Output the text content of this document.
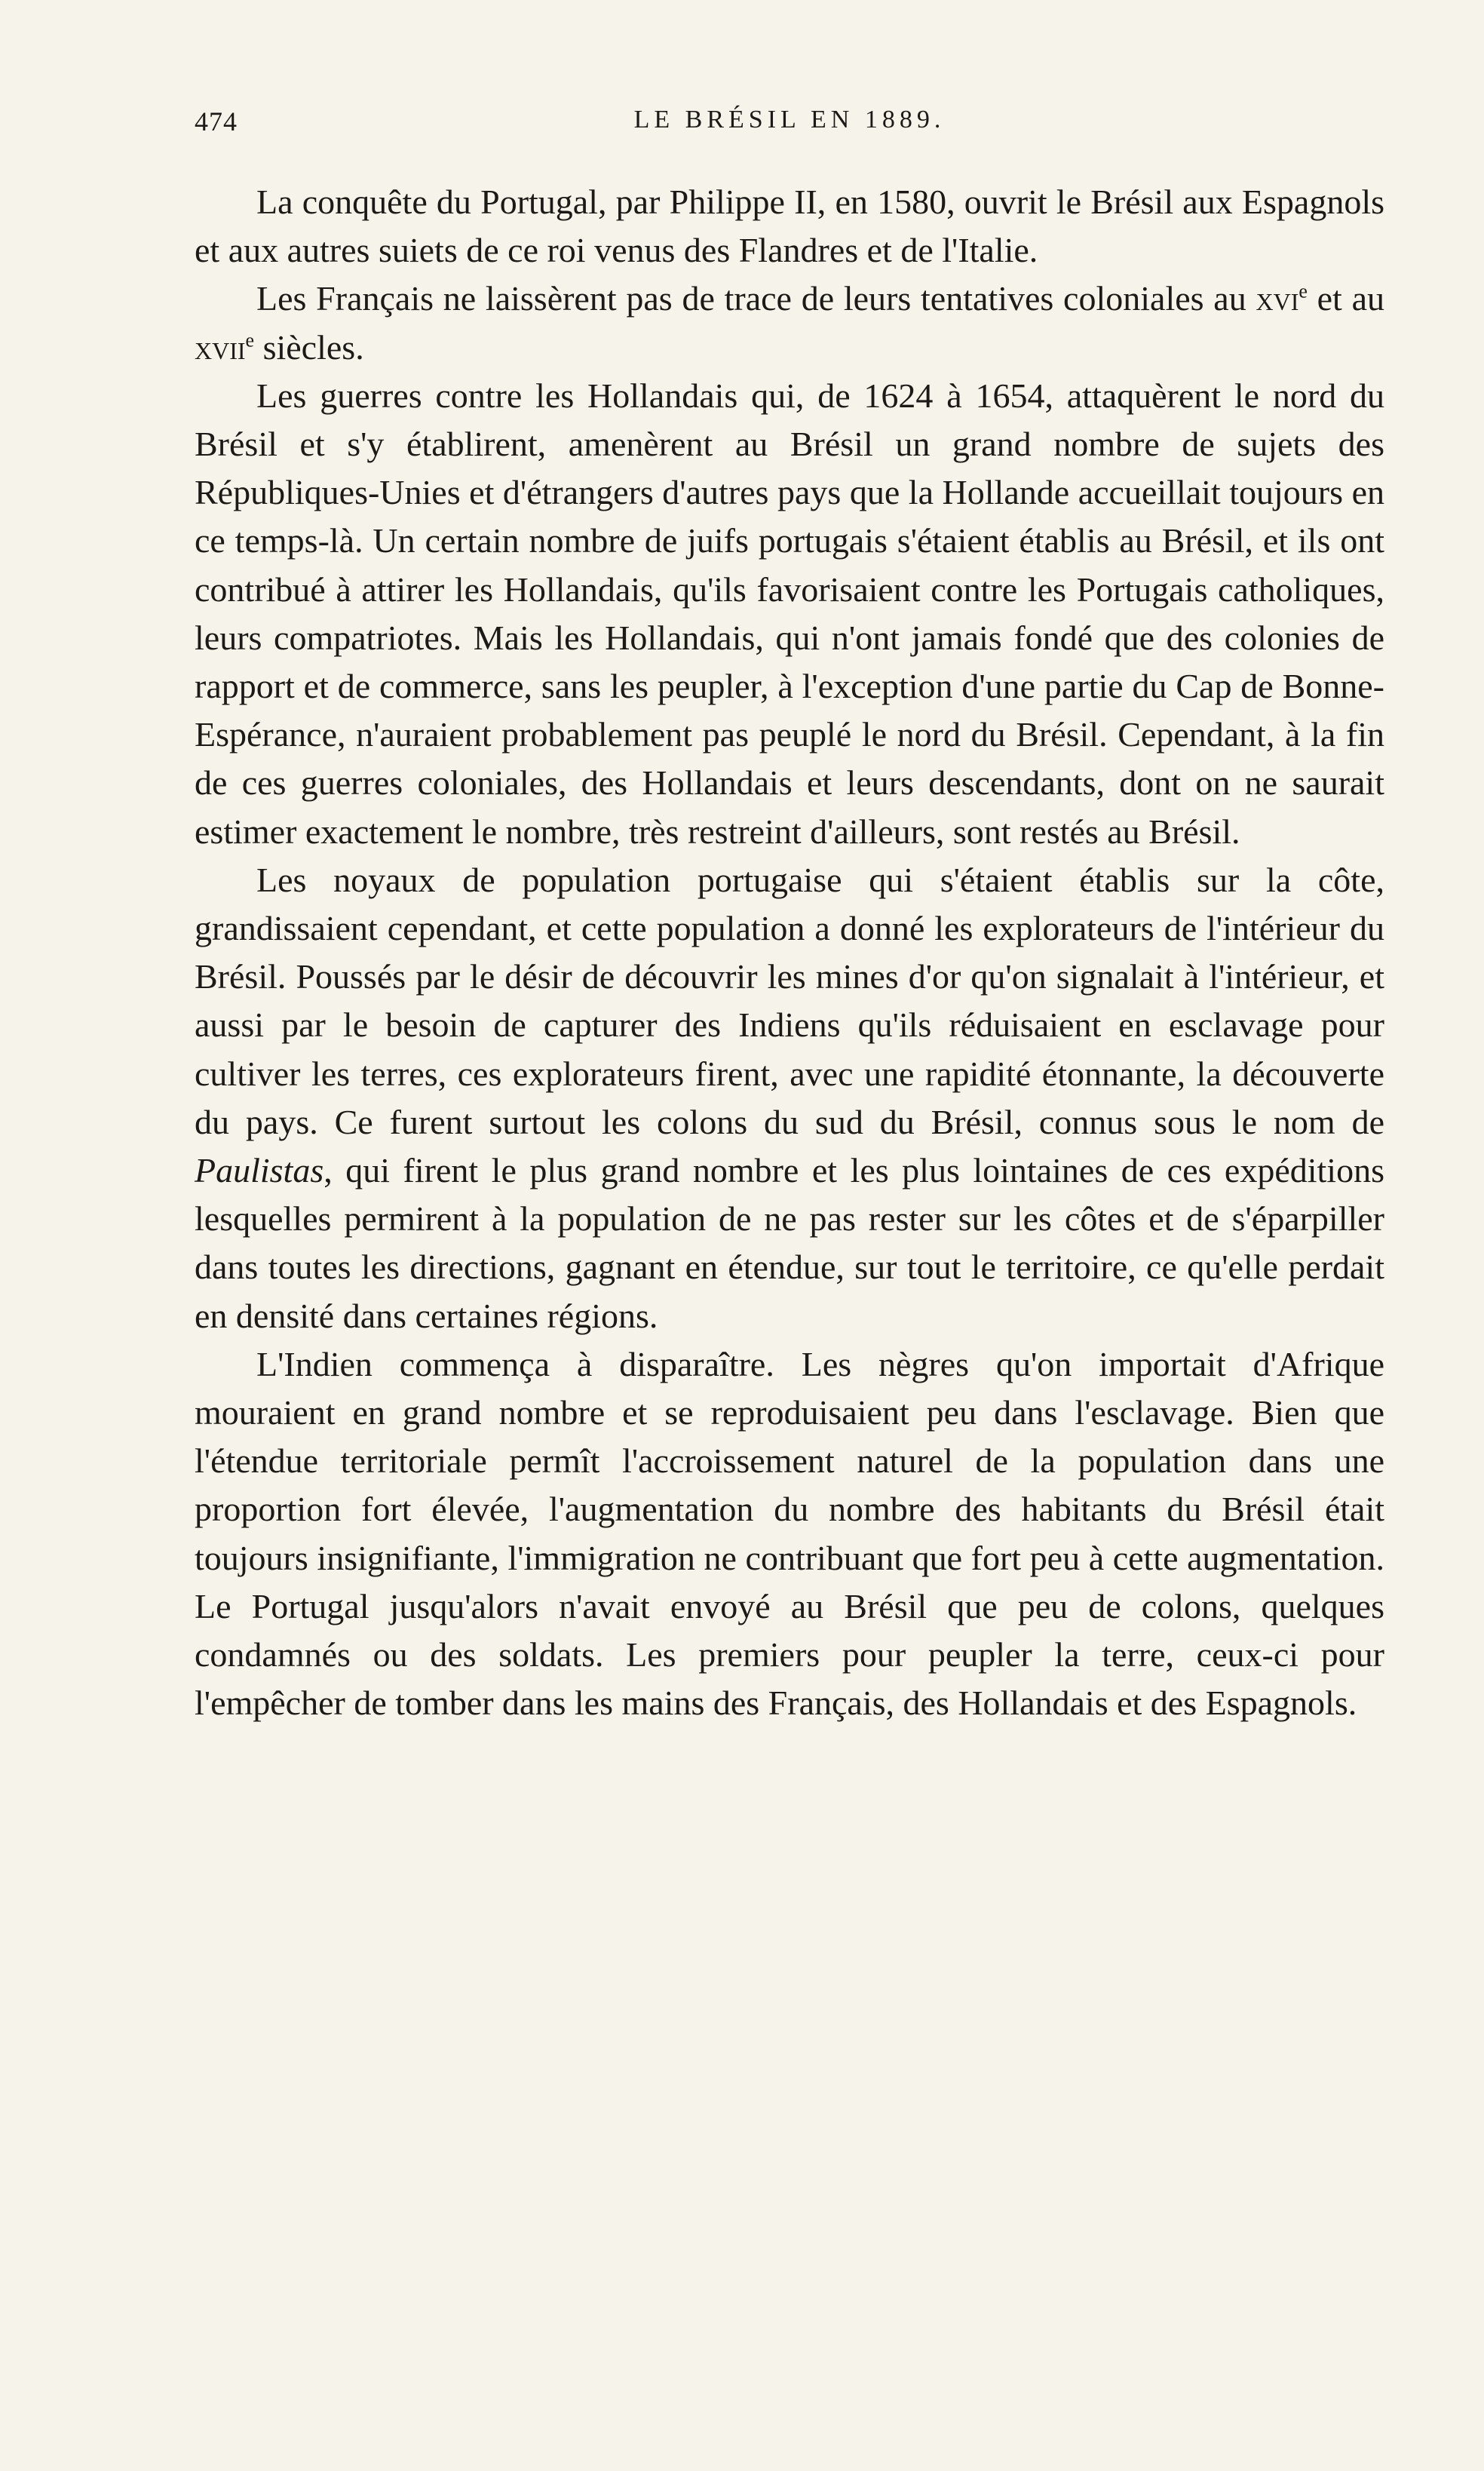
474	LE BRÉSIL EN 1889.

La conquête du Portugal, par Philippe II, en 1580, ouvrit le Brésil aux Espagnols et aux autres suiets de ce roi venus des Flandres et de l'Italie.

Les Français ne laissèrent pas de trace de leurs tentatives coloniales au xvi$^e$ et au xvii$^e$ siècles.

Les guerres contre les Hollandais qui, de 1624 à 1654, attaquèrent le nord du Brésil et s'y établirent, amenèrent au Brésil un grand nombre de sujets des Républiques-Unies et d'étrangers d'autres pays que la Hollande accueillait toujours en ce temps-là. Un certain nombre de juifs portugais s'étaient établis au Brésil, et ils ont contribué à attirer les Hollandais, qu'ils favorisaient contre les Portugais catholiques, leurs compatriotes. Mais les Hollandais, qui n'ont jamais fondé que des colonies de rapport et de commerce, sans les peupler, à l'exception d'une partie du Cap de Bonne-Espérance, n'auraient probablement pas peuplé le nord du Brésil. Cependant, à la fin de ces guerres coloniales, des Hollandais et leurs descendants, dont on ne saurait estimer exactement le nombre, très restreint d'ailleurs, sont restés au Brésil.

Les noyaux de population portugaise qui s'étaient établis sur la côte, grandissaient cependant, et cette population a donné les explorateurs de l'intérieur du Brésil. Poussés par le désir de découvrir les mines d'or qu'on signalait à l'intérieur, et aussi par le besoin de capturer des Indiens qu'ils réduisaient en esclavage pour cultiver les terres, ces explorateurs firent, avec une rapidité étonnante, la découverte du pays. Ce furent surtout les colons du sud du Brésil, connus sous le nom de Paulistas, qui firent le plus grand nombre et les plus lointaines de ces expéditions lesquelles permirent à la population de ne pas rester sur les côtes et de s'éparpiller dans toutes les directions, gagnant en étendue, sur tout le territoire, ce qu'elle perdait en densité dans certaines régions.

L'Indien commença à disparaître. Les nègres qu'on importait d'Afrique mouraient en grand nombre et se reproduisaient peu dans l'esclavage. Bien que l'étendue territoriale permît l'accroissement naturel de la population dans une proportion fort élevée, l'augmentation du nombre des habitants du Brésil était toujours insignifiante, l'immigration ne contribuant que fort peu à cette augmentation. Le Portugal jusqu'alors n'avait envoyé au Brésil que peu de colons, quelques condamnés ou des soldats. Les premiers pour peupler la terre, ceux-ci pour l'empêcher de tomber dans les mains des Français, des Hollandais et des Espagnols.
